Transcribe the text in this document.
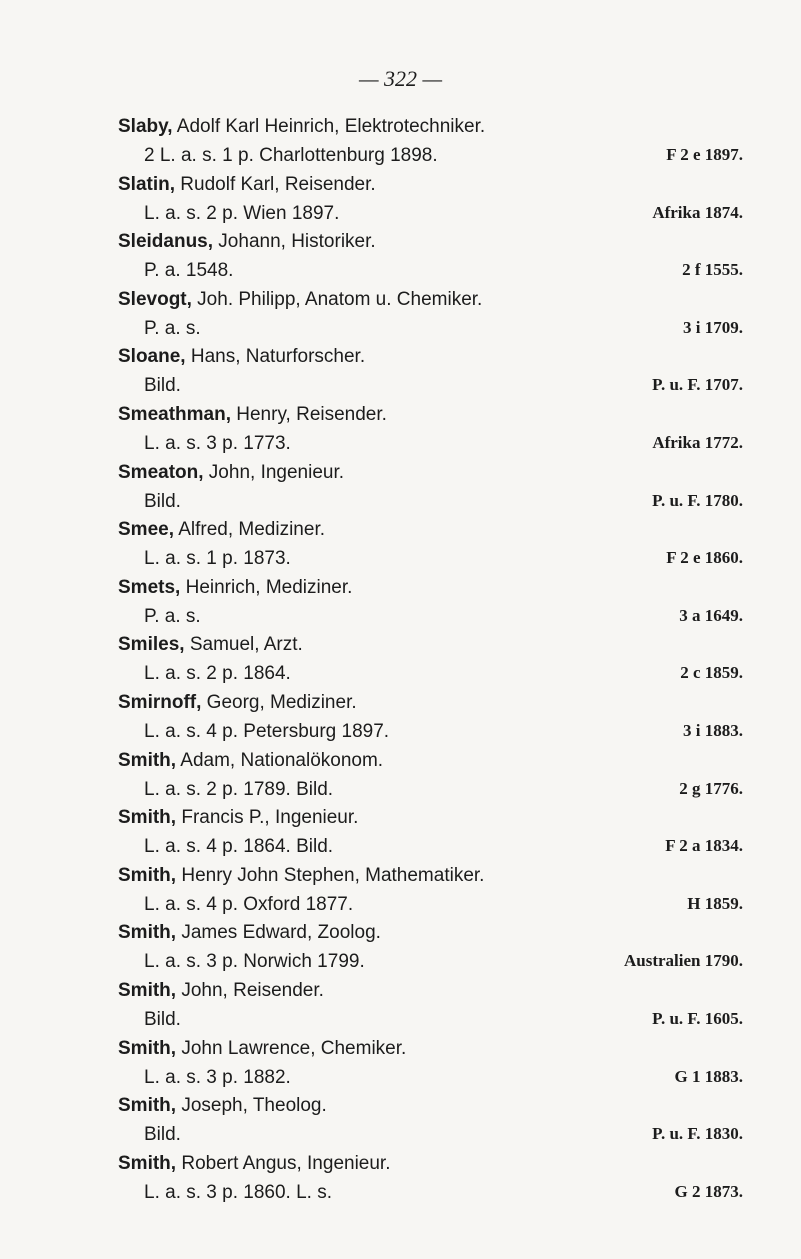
— 322 —
Slaby, Adolf Karl Heinrich, Elektrotechniker.
2 L. a. s. 1 p. Charlottenburg 1898.	F 2 e 1897.
Slatin, Rudolf Karl, Reisender.
L. a. s. 2 p. Wien 1897.	Afrika 1874.
Sleidanus, Johann, Historiker.
P. a. 1548.	2 f 1555.
Slevogt, Joh. Philipp, Anatom u. Chemiker.
P. a. s.	3 i 1709.
Sloane, Hans, Naturforscher.
Bild.	P. u. F. 1707.
Smeathman, Henry, Reisender.
L. a. s. 3 p. 1773.	Afrika 1772.
Smeaton, John, Ingenieur.
Bild.	P. u. F. 1780.
Smee, Alfred, Mediziner.
L. a. s. 1 p. 1873.	F 2 e 1860.
Smets, Heinrich, Mediziner.
P. a. s.	3 a 1649.
Smiles, Samuel, Arzt.
L. a. s. 2 p. 1864.	2 c 1859.
Smirnoff, Georg, Mediziner.
L. a. s. 4 p. Petersburg 1897.	3 i 1883.
Smith, Adam, Nationalökonom.
L. a. s. 2 p. 1789. Bild.	2 g 1776.
Smith, Francis P., Ingenieur.
L. a. s. 4 p. 1864. Bild.	F 2 a 1834.
Smith, Henry John Stephen, Mathematiker.
L. a. s. 4 p. Oxford 1877.	H 1859.
Smith, James Edward, Zoolog.
L. a. s. 3 p. Norwich 1799.	Australien 1790.
Smith, John, Reisender.
Bild.	P. u. F. 1605.
Smith, John Lawrence, Chemiker.
L. a. s. 3 p. 1882.	G 1 1883.
Smith, Joseph, Theolog.
Bild.	P. u. F. 1830.
Smith, Robert Angus, Ingenieur.
L. a. s. 3 p. 1860. L. s.	G 2 1873.
